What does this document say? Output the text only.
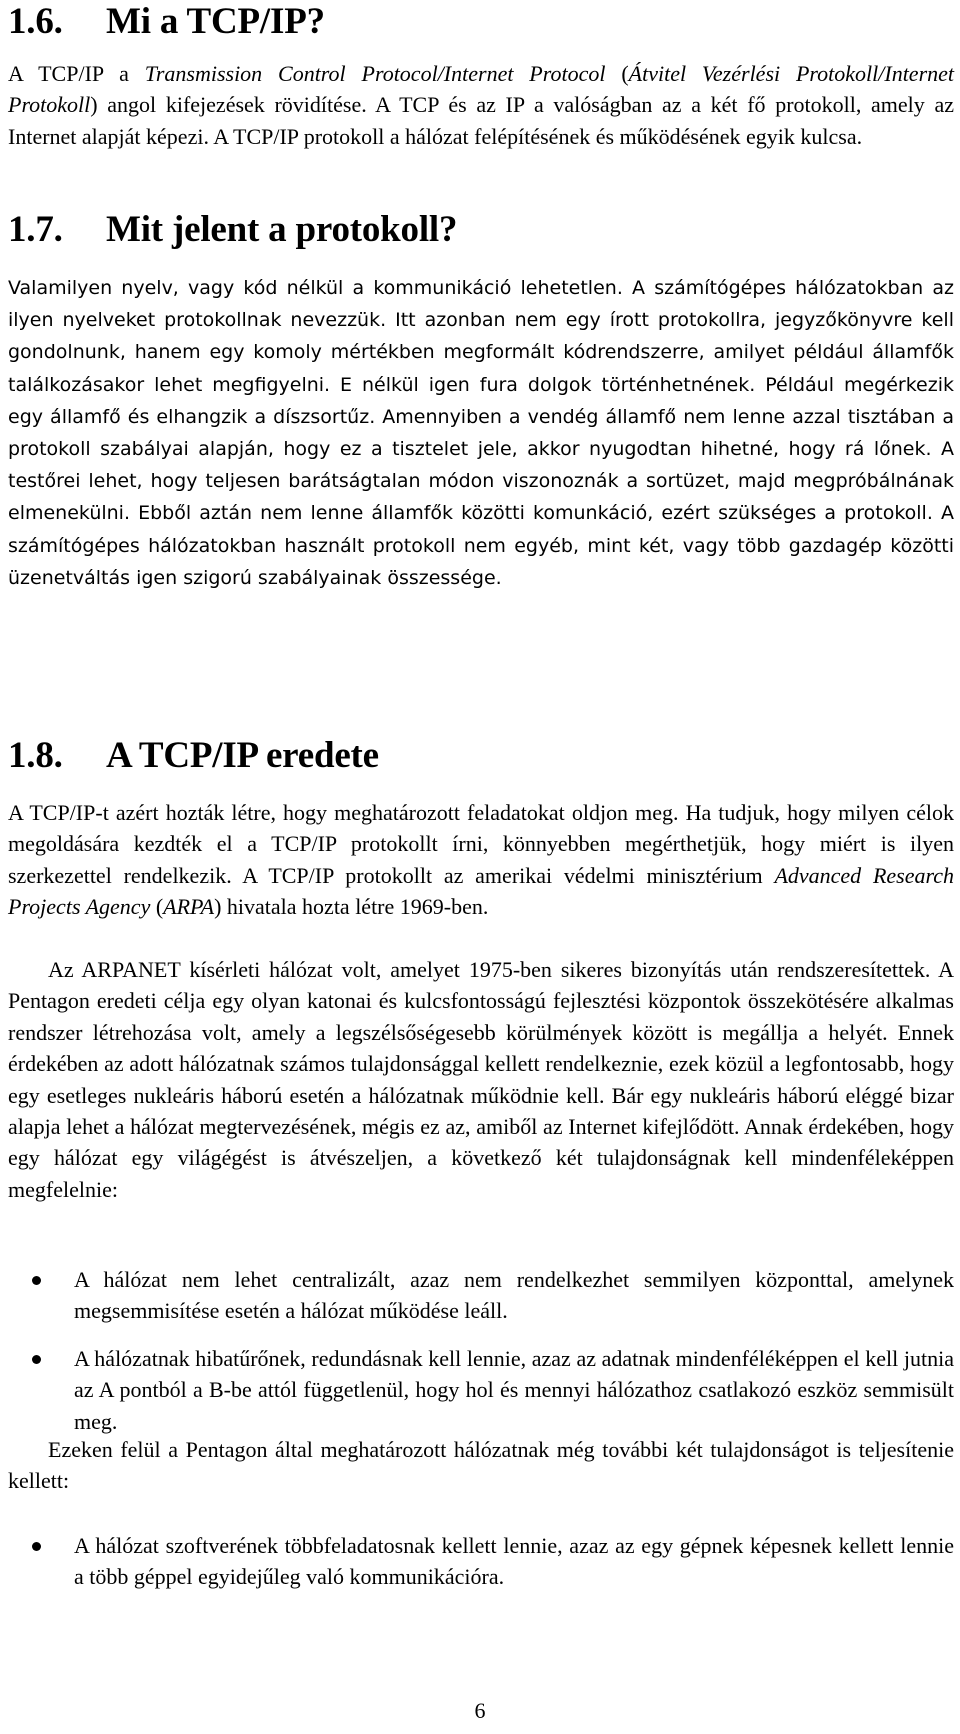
1.6. Mi a TCP/IP?

A TCP/IP a Transmission Control Protocol/Internet Protocol (Átvitel Vezérlési Protokoll/Internet Protokoll) angol kifejezések rövidítése. A TCP és az IP a valóságban az a két fő protokoll, amely az Internet alapját képezi. A TCP/IP protokoll a hálózat felépítésének és működésének egyik kulcsa.

1.7. Mit jelent a protokoll?

Valamilyen nyelv, vagy kód nélkül a kommunikáció lehetetlen. A számítógépes hálózatokban az ilyen nyelveket protokollnak nevezzük. Itt azonban nem egy írott protokollra, jegyzőkönyvre kell gondolnunk, hanem egy komoly mértékben megformált kódrendszerre, amilyet például államfők találkozásakor lehet megfigyelni. E nélkül igen fura dolgok történhetnének. Például megérkezik egy államfő és elhangzik a díszsortűz. Amennyiben a vendég államfő nem lenne azzal tisztában a protokoll szabályai alapján, hogy ez a tisztelet jele, akkor nyugodtan hihetné, hogy rá lőnek. A testőrei lehet, hogy teljesen barátságtalan módon viszonoznák a sortüzet, majd megpróbálnának elmenekülni. Ebből aztán nem lenne államfők közötti komunkáció, ezért szükséges a protokoll. A számítógépes hálózatokban használt protokoll nem egyéb, mint két, vagy több gazdagép közötti üzenetváltás igen szigorú szabályainak összessége.

1.8. A TCP/IP eredete

A TCP/IP-t azért hozták létre, hogy meghatározott feladatokat oldjon meg. Ha tudjuk, hogy milyen célok megoldására kezdték el a TCP/IP protokollt írni, könnyebben megérthetjük, hogy miért is ilyen szerkezettel rendelkezik. A TCP/IP protokollt az amerikai védelmi minisztérium Advanced Research Projects Agency (ARPA) hivatala hozta létre 1969-ben.

Az ARPANET kísérleti hálózat volt, amelyet 1975-ben sikeres bizonyítás után rendszeresítettek. A Pentagon eredeti célja egy olyan katonai és kulcsfontosságú fejlesztési központok összekötésére alkalmas rendszer létrehozása volt, amely a legszélsőségesebb körülmények között is megállja a helyét. Ennek érdekében az adott hálózatnak számos tulajdonsággal kellett rendelkeznie, ezek közül a legfontosabb, hogy egy esetleges nukleáris háború esetén a hálózatnak működnie kell. Bár egy nukleáris háború eléggé bizar alapja lehet a hálózat megtervezésének, mégis ez az, amiből az Internet kifejlődött. Annak érdekében, hogy egy hálózat egy világégést is átvészeljen, a következő két tulajdonságnak kell mindenféleképpen megfelelnie:

A hálózat nem lehet centralizált, azaz nem rendelkezhet semmilyen központtal, amelynek megsemmisítése esetén a hálózat működése leáll.
A hálózatnak hibatűrőnek, redundásnak kell lennie, azaz az adatnak mindenféléképpen el kell jutnia az A pontból a B-be attól függetlenül, hogy hol és mennyi hálózathoz csatlakozó eszköz semmisült meg.

Ezeken felül a Pentagon által meghatározott hálózatnak még további két tulajdonságot is teljesítenie kellett:

A hálózat szoftverének többfeladatosnak kellett lennie, azaz az egy gépnek képesnek kellett lennie a több géppel egyidejűleg való kommunikációra.
6
